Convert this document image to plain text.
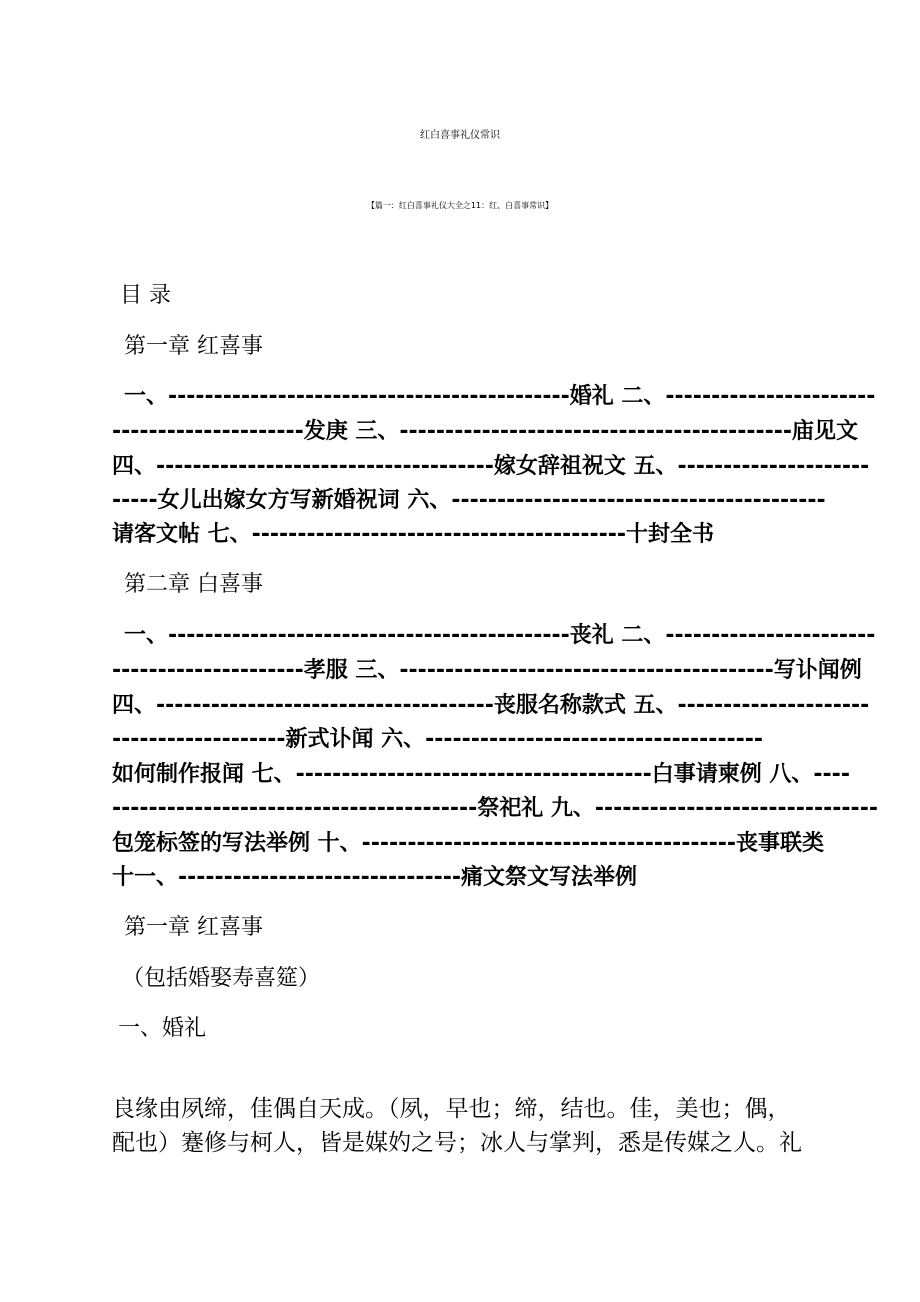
红白喜事礼仪常识
【篇一：红白喜事礼仪大全之11：红、白喜事常识】
目 录
第一章 红喜事
一、--------------------------------------------婚礼 二、-----------------------
---------------------发庚 三、-------------------------------------------庙见文
四、-------------------------------------嫁女辞祖祝文 五、---------------------
-----女儿出嫁女方写新婚祝词 六、-----------------------------------------
请客文帖 七、-----------------------------------------十封全书
第二章 白喜事
一、--------------------------------------------丧礼 二、-----------------------
---------------------孝服 三、-----------------------------------------写讣闻例
四、-------------------------------------丧服名称款式 五、---------------------
-------------------新式讣闻 六、-------------------------------------
如何制作报闻 七、---------------------------------------白事请柬例 八、----
----------------------------------------祭祀礼 九、-------------------------------
包笼标签的写法举例 十、-----------------------------------------丧事联类
十一、-------------------------------痛文祭文写法举例
第一章 红喜事
（包括婚娶寿喜筵）
一、婚礼
良缘由夙缔，佳偶自天成。（夙，早也；缔，结也。佳，美也；偶，
配也）蹇修与柯人，皆是媒妁之号；冰人与掌判，悉是传媒之人。礼
